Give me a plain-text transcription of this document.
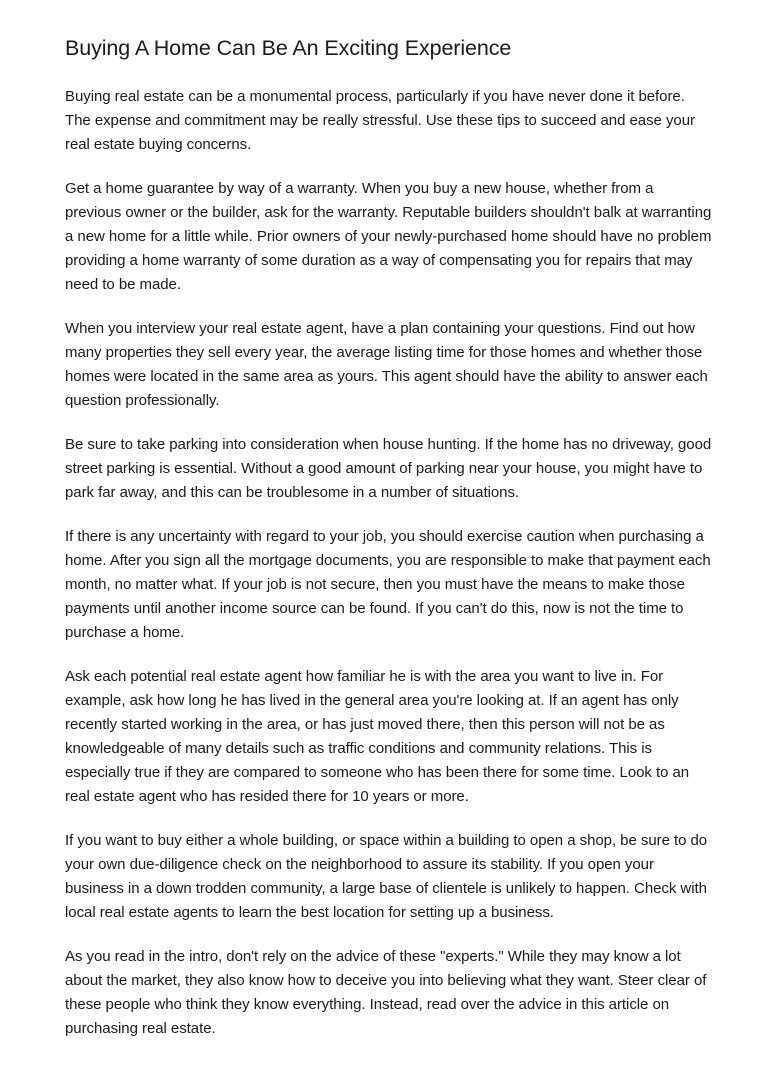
Buying A Home Can Be An Exciting Experience

Buying real estate can be a monumental process, particularly if you have never done it before. The expense and commitment may be really stressful. Use these tips to succeed and ease your real estate buying concerns.

Get a home guarantee by way of a warranty. When you buy a new house, whether from a previous owner or the builder, ask for the warranty. Reputable builders shouldn't balk at warranting a new home for a little while. Prior owners of your newly-purchased home should have no problem providing a home warranty of some duration as a way of compensating you for repairs that may need to be made.

When you interview your real estate agent, have a plan containing your questions. Find out how many properties they sell every year, the average listing time for those homes and whether those homes were located in the same area as yours. This agent should have the ability to answer each question professionally.

Be sure to take parking into consideration when house hunting. If the home has no driveway, good street parking is essential. Without a good amount of parking near your house, you might have to park far away, and this can be troublesome in a number of situations.

If there is any uncertainty with regard to your job, you should exercise caution when purchasing a home. After you sign all the mortgage documents, you are responsible to make that payment each month, no matter what. If your job is not secure, then you must have the means to make those payments until another income source can be found. If you can't do this, now is not the time to purchase a home.

Ask each potential real estate agent how familiar he is with the area you want to live in. For example, ask how long he has lived in the general area you're looking at. If an agent has only recently started working in the area, or has just moved there, then this person will not be as knowledgeable of many details such as traffic conditions and community relations. This is especially true if they are compared to someone who has been there for some time. Look to an real estate agent who has resided there for 10 years or more.

If you want to buy either a whole building, or space within a building to open a shop, be sure to do your own due-diligence check on the neighborhood to assure its stability. If you open your business in a down trodden community, a large base of clientele is unlikely to happen. Check with local real estate agents to learn the best location for setting up a business.

As you read in the intro, don't rely on the advice of these "experts." While they may know a lot about the market, they also know how to deceive you into believing what they want. Steer clear of these people who think they know everything. Instead, read over the advice in this article on purchasing real estate.
